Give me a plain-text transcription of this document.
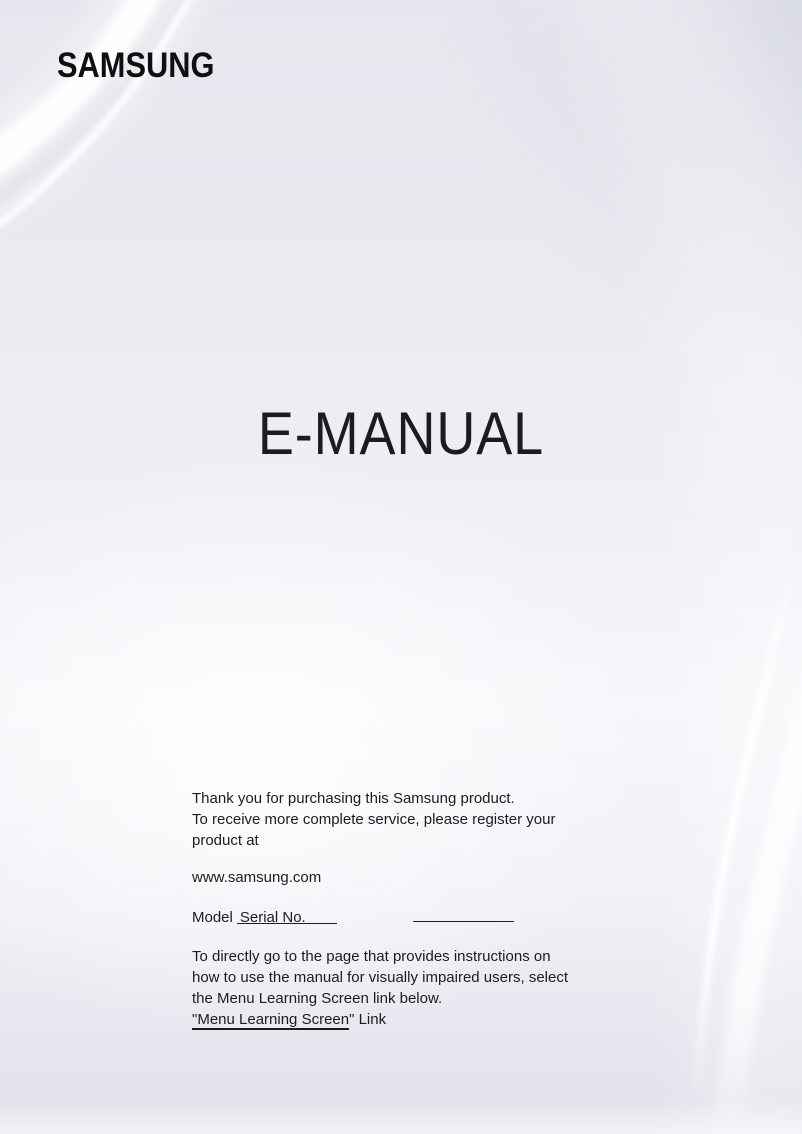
SAMSUNG
E-MANUAL
Thank you for purchasing this Samsung product.
To receive more complete service, please register your
product at
www.samsung.com
Model Serial No.
To directly go to the page that provides instructions on
how to use the manual for visually impaired users, select
the Menu Learning Screen link below.
"Menu Learning Screen" Link
